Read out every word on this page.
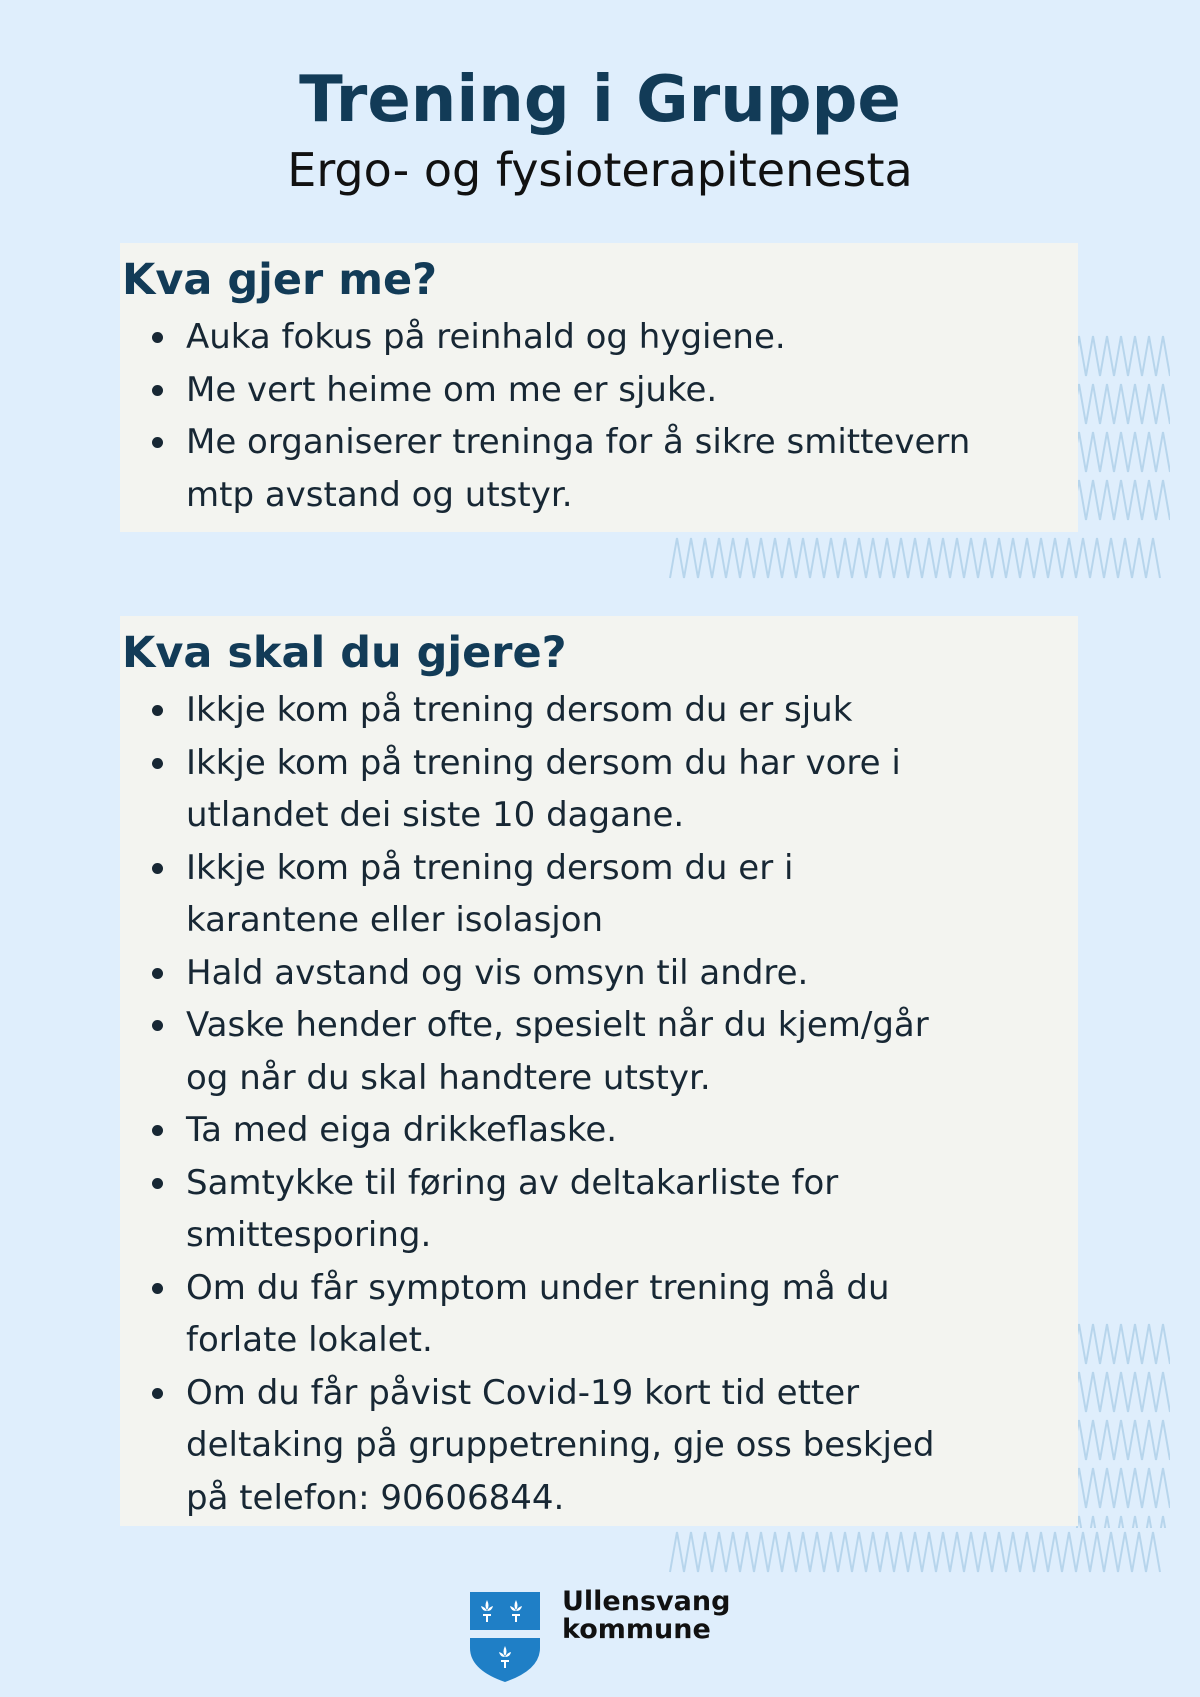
Trening i Gruppe
Ergo- og fysioterapitenesta
Kva gjer me?
Auka fokus på reinhald og hygiene.
Me vert heime om me er sjuke.
Me organiserer treninga for å sikre smittevern
mtp avstand og utstyr.
Kva skal du gjere?
Ikkje kom på trening dersom du er sjuk
Ikkje kom på trening dersom du har vore i
utlandet dei siste 10 dagane.
Ikkje kom på trening dersom du er i
karantene eller isolasjon
Hald avstand og vis omsyn til andre.
Vaske hender ofte, spesielt når du kjem/går
og når du skal handtere utstyr.
Ta med eiga drikkeflaske.
Samtykke til føring av deltakarliste for
smittesporing.
Om du får symptom under trening må du
forlate lokalet.
Om du får påvist Covid-19 kort tid etter
deltaking på gruppetrening, gje oss beskjed
på telefon: 90606844.
Ullensvang
kommune
